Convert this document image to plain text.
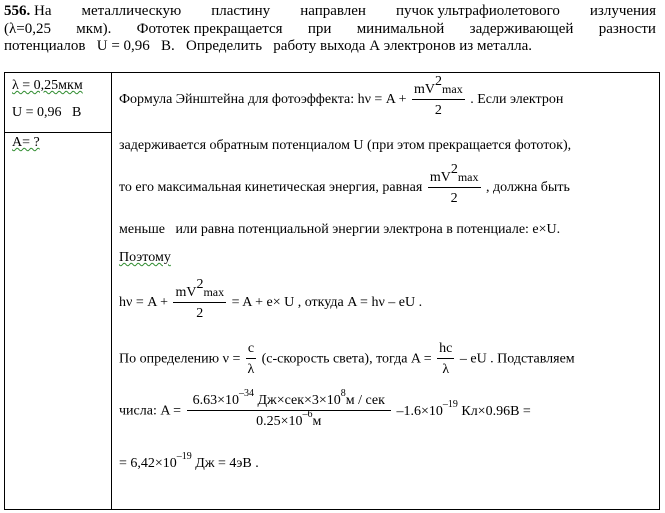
556. На металлическую пластину направлен пучок ультрафиолетового излучения
(λ=0,25 мкм). Фототек прекращается при минимальной задерживающей разности
потенциалов   U = 0,96   В.   Определить   работу выхода А электронов из металла.
λ = 0,25мкм
U = 0,96   В
A= ?
Формула Эйнштейна для фотоэффекта: $h\nu = A + \frac{mV^2\max}{2}$ . Если электрон
задерживается обратным потенциалом U (при этом прекращается фототок),
то его максимальная кинетическая энергия, равная $\frac{mV^2\max}{2}$ , должна быть
меньше   или равна потенциальной энергии электрона в потенциале: e×U.
Поэтому
$h\nu = A + \frac{mV^2\max}{2} = A + e\times U$ , откуда A = hν – eU .
По определению $\nu = \frac{c}{\lambda}$ (c-скорость света), тогда $A = \frac{hc}{\lambda}$ – eU . Подставляем
числа: $A = \frac{6.63\times 10^{-34} Дж\times сек\times 3\times 10^8м / сек}{0.25\times 10^{-6}м} -1.6\times 10^{-19}$ Кл×0.96В =
= $6,42\times 10^{-19}$ Дж = 4эВ .
